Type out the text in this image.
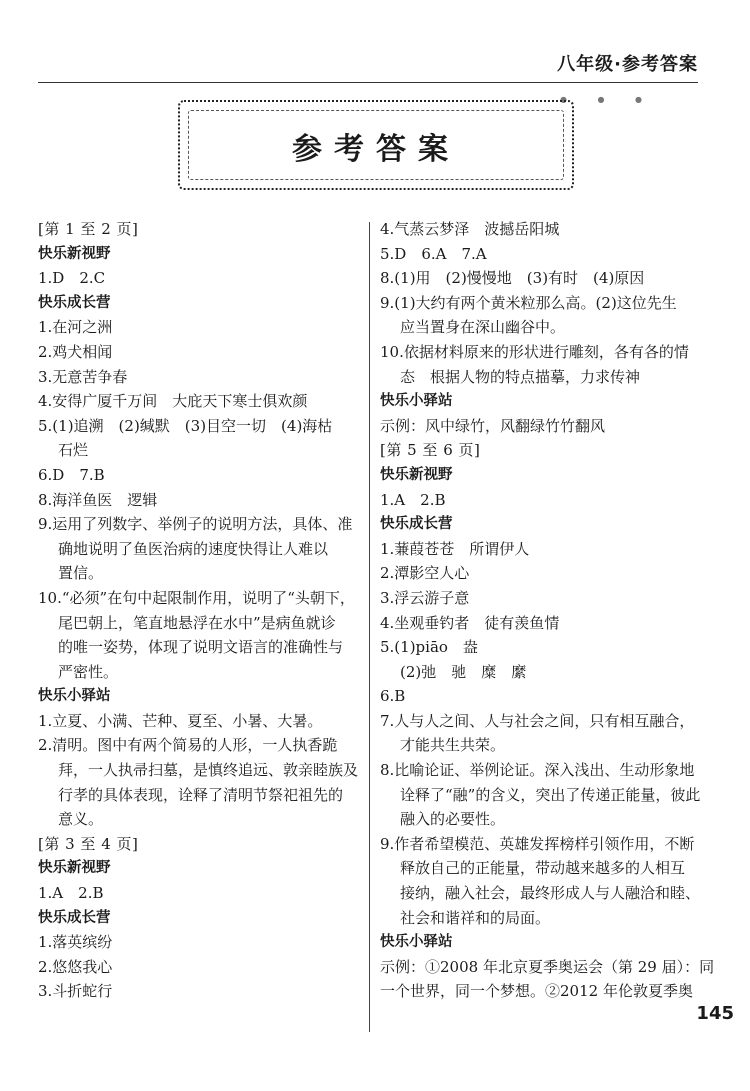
八年级·参考答案
● ● ●
参考答案
[第 1 至 2 页]
快乐新视野
1.D　2.C
快乐成长营
1.在河之洲
2.鸡犬相闻
3.无意苦争春
4.安得广厦千万间　大庇天下寒士俱欢颜
5.(1)追溯　(2)缄默　(3)目空一切　(4)海枯
石烂
6.D　7.B
8.海洋鱼医　逻辑
9.运用了列数字、举例子的说明方法，具体、准
确地说明了鱼医治病的速度快得让人难以
置信。
10.“必须”在句中起限制作用，说明了“头朝下，
尾巴朝上，笔直地悬浮在水中”是病鱼就诊
的唯一姿势，体现了说明文语言的准确性与
严密性。
快乐小驿站
1.立夏、小满、芒种、夏至、小暑、大暑。
2.清明。图中有两个简易的人形，一人执香跪
拜，一人执帚扫墓，是慎终追远、敦亲睦族及
行孝的具体表现，诠释了清明节祭祀祖先的
意义。
[第 3 至 4 页]
快乐新视野
1.A　2.B
快乐成长营
1.落英缤纷
2.悠悠我心
3.斗折蛇行
4.气蒸云梦泽　波撼岳阳城
5.D　6.A　7.A
8.(1)用　(2)慢慢地　(3)有时　(4)原因
9.(1)大约有两个黄米粒那么高。(2)这位先生
应当置身在深山幽谷中。
10.依据材料原来的形状进行雕刻，各有各的情
态　根据人物的特点描摹，力求传神
快乐小驿站
示例：风中绿竹，风翻绿竹竹翻风
[第 5 至 6 页]
快乐新视野
1.A　2.B
快乐成长营
1.蒹葭苍苍　所谓伊人
2.潭影空人心
3.浮云游子意
4.坐观垂钓者　徒有羡鱼情
5.(1)piāo　盎
(2)弛　驰　糜　縻
6.B
7.人与人之间、人与社会之间，只有相互融合，
才能共生共荣。
8.比喻论证、举例论证。深入浅出、生动形象地
诠释了“融”的含义，突出了传递正能量，彼此
融入的必要性。
9.作者希望模范、英雄发挥榜样引领作用，不断
释放自己的正能量，带动越来越多的人相互
接纳，融入社会，最终形成人与人融洽和睦、
社会和谐祥和的局面。
快乐小驿站
示例：①2008 年北京夏季奥运会（第 29 届）：同
一个世界，同一个梦想。②2012 年伦敦夏季奥
145
